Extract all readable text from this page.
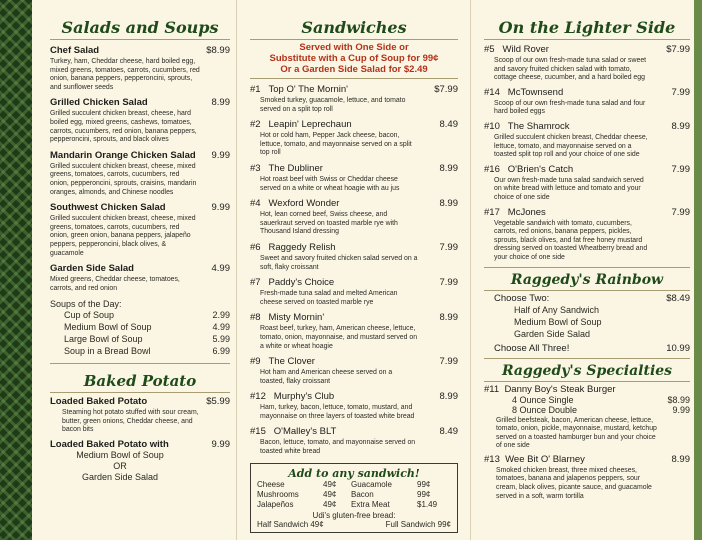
Salads and Soups
Chef Salad	$8.99
Turkey, ham, Cheddar cheese, hard boiled egg, mixed greens, tomatoes, carrots, cucumbers, red onion, banana peppers, pepperoncini, sprouts, and sunflower seeds
Grilled Chicken Salad	8.99
Grilled succulent chicken breast, cheese, hard boiled egg, mixed greens, cashews, tomatoes, carrots, cucumbers, red onion, banana peppers, pepperoncini, sprouts, and black olives
Mandarin Orange Chicken Salad 9.99
Grilled succulent chicken breast, cheese, mixed greens, tomatoes, carrots, cucumbers, red onion, pepperoncini, sprouts, craisins, mandarin oranges, almonds, and Chinese noodles
Southwest Chicken Salad	9.99
Grilled succulent chicken breast, cheese, mixed greens, tomatoes, carrots, cucumbers, red onion, green onion, banana peppers, jalapeño peppers, pepperoncini, black olives, & guacamole
Garden Side Salad	4.99
Mixed greens, Cheddar cheese, tomatoes, carrots, and red onion
Soups of the Day:
Cup of Soup	2.99
Medium Bowl of Soup	4.99
Large Bowl of Soup	5.99
Soup in a Bread Bowl	6.99
Baked Potato
Loaded Baked Potato	$5.99
Steaming hot potato stuffed with sour cream, butter, green onions, Cheddar cheese, and bacon bits
Loaded Baked Potato with	9.99
Medium Bowl of Soup
OR
Garden Side Salad
Sandwiches
Served with One Side or
Substitute with a Cup of Soup for 99¢
Or a Garden Side Salad for $2.49
#1 Top O' The Mornin'	$7.99
Smoked turkey, guacamole, lettuce, and tomato served on a split top roll
#2 Leapin' Leprechaun	8.49
Hot or cold ham, Pepper Jack cheese, bacon, lettuce, tomato, and mayonnaise served on a split top roll
#3 The Dubliner	8.99
Hot roast beef with Swiss or Cheddar cheese served on a white or wheat hoagie with au jus
#4 Wexford Wonder	8.99
Hot, lean corned beef, Swiss cheese, and sauerkraut served on toasted marble rye with Thousand Island dressing
#6 Raggedy Relish	7.99
Sweet and savory fruited chicken salad served on a soft, flaky croissant
#7 Paddy's Choice	7.99
Fresh-made tuna salad and melted American cheese served on toasted marble rye
#8 Misty Mornin'	8.99
Roast beef, turkey, ham, American cheese, lettuce, tomato, onion, mayonnaise, and mustard served on a white or wheat hoagie
#9 The Clover	7.99
Hot ham and American cheese served on a toasted, flaky croissant
#12 Murphy's Club	8.99
Ham, turkey, bacon, lettuce, tomato, mustard, and mayonnaise on three layers of toasted white bread
#15 O'Malley's BLT	8.49
Bacon, lettuce, tomato, and mayonnaise served on toasted white bread
Add to any sandwich!
Cheese	49¢	Guacamole	99¢
Mushrooms	49¢	Bacon	99¢
Jalapeños	49¢	Extra Meat	$1.49
Udi's gluten-free bread:
Half Sandwich 49¢	Full Sandwich 99¢
On the Lighter Side
#5 Wild Rover	$7.99
Scoop of our own fresh-made tuna salad or sweet and savory fruited chicken salad with tomato, cottage cheese, cucumber, and a hard boiled egg
#14 McTownsend	7.99
Scoop of our own fresh-made tuna salad and four hard boiled eggs
#10 The Shamrock	8.99
Grilled succulent chicken breast, Cheddar cheese, lettuce, tomato, and mayonnaise served on a toasted split top roll and your choice of one side
#16 O'Brien's Catch	7.99
Our own fresh-made tuna salad sandwich served on white bread with lettuce and tomato and your choice of one side
#17 McJones	7.99
Vegetable sandwich with tomato, cucumbers, carrots, red onions, banana peppers, pickles, sprouts, black olives, and fat free honey mustard dressing served on toasted Wheatberry bread and your choice of one side
Raggedy's Rainbow
Choose Two:	$8.49
Half of Any Sandwich
Medium Bowl of Soup
Garden Side Salad
Choose All Three!	10.99
Raggedy's Specialties
#11 Danny Boy's Steak Burger
4 Ounce Single	$8.99
8 Ounce Double	9.99
Grilled beefsteak, bacon, American cheese, lettuce, tomato, onion, pickle, mayonnaise, mustard, ketchup served on a toasted hamburger bun and your choice of one side
#13 Wee Bit O' Blarney	8.99
Smoked chicken breast, three mixed cheeses, tomatoes, banana and jalapenos peppers, sour cream, black olives, picante sauce, and guacamole served in a soft, warm tortilla
